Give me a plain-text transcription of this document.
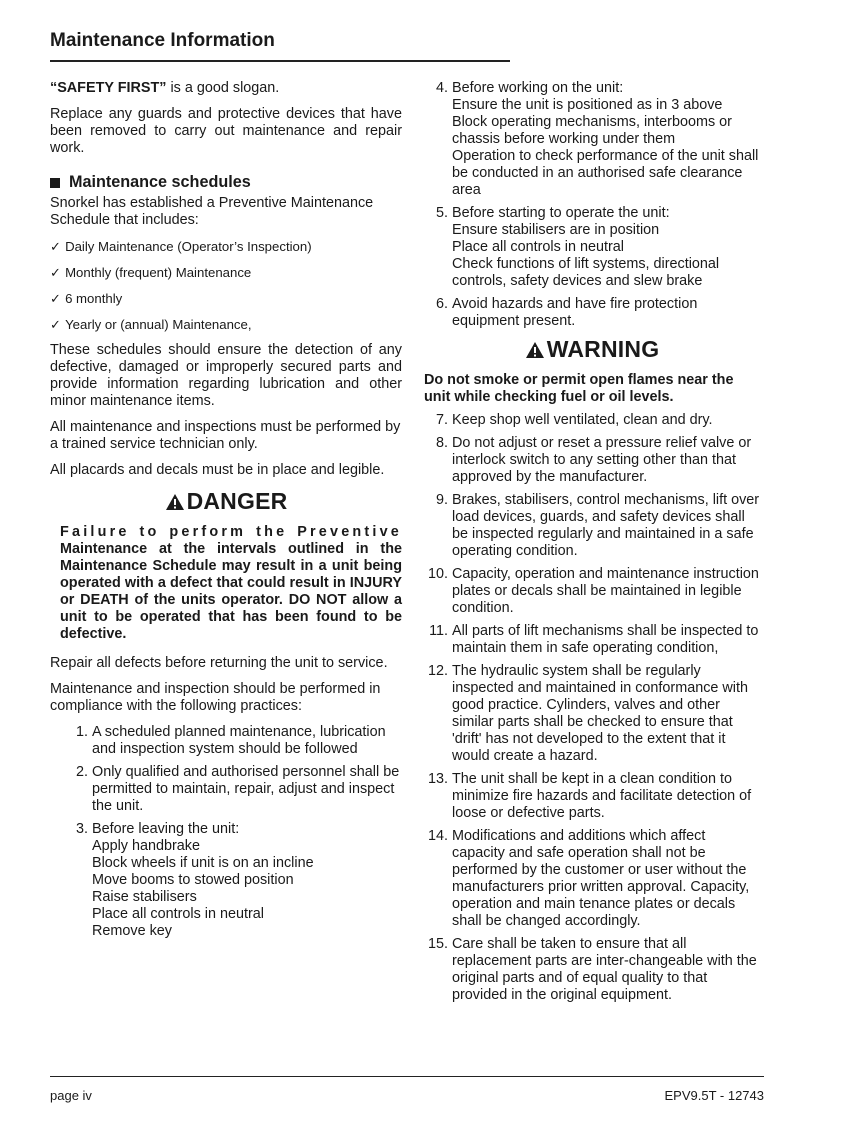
Maintenance Information

“SAFETY FIRST” is a good slogan.

Replace any guards and protective devices that have been removed to carry out maintenance and repair work.

Maintenance schedules

Snorkel has established a Preventive Maintenance Schedule that includes:

✓ Daily Maintenance (Operator’s Inspection)
✓ Monthly (frequent) Maintenance
✓ 6 monthly
✓ Yearly or (annual) Maintenance,

These schedules should ensure the detection of any defective, damaged or improperly secured parts and provide information regarding lubrication and other minor maintenance items.

All maintenance and inspections must be performed by a trained service technician only.

All placards and decals must be in place and legible.

DANGER
Failure to perform the Preventive Maintenance at the intervals outlined in the Maintenance Schedule may result in a unit being operated with a defect that could result in INJURY or DEATH of the units operator. DO NOT allow a unit to be operated that has been found to be defective.

Repair all defects before returning the unit to service.

Maintenance and inspection should be performed in compliance with the following practices:

1. A scheduled planned maintenance, lubrication and inspection system should be followed
2. Only qualified and authorised personnel shall be permitted to maintain, repair, adjust and inspect the unit.
3. Before leaving the unit:
Apply handbrake
Block wheels if unit is on an incline
Move booms to stowed position
Raise stabilisers
Place all controls in neutral
Remove key
4. Before working on the unit:
Ensure the unit is positioned as in 3 above
Block operating mechanisms, interbooms or chassis before working under them
Operation to check performance of the unit shall be conducted in an authorised safe clearance area
5. Before starting to operate the unit:
Ensure stabilisers are in position
Place all controls in neutral
Check functions of lift systems, directional controls, safety devices and slew brake
6. Avoid hazards and have fire protection equipment present.
WARNING
Do not smoke or permit open flames near the unit while checking fuel or oil levels.
7. Keep shop well ventilated, clean and dry.
8. Do not adjust or reset a pressure relief valve or interlock switch to any setting other than that approved by the manufacturer.
9. Brakes, stabilisers, control mechanisms, lift over load devices, guards, and safety devices shall be inspected regularly and maintained in a safe operating condition.
10. Capacity, operation and maintenance instruction plates or decals shall be maintained in legible condition.
11. All parts of lift mechanisms shall be inspected to maintain them in safe operating condition,
12. The hydraulic system shall be regularly inspected and maintained in conformance with good practice. Cylinders, valves and other similar parts shall be checked to ensure that 'drift' has not developed to the extent that it would create a hazard.
13. The unit shall be kept in a clean condition to minimize fire hazards and facilitate detection of loose or defective parts.
14. Modifications and additions which affect capacity and safe operation shall not be performed by the customer or user without the manufacturers prior written approval. Capacity, operation and main tenance plates or decals shall be changed accordingly.
15. Care shall be taken to ensure that all replacement parts are inter-changeable with the original parts and of equal quality to that provided in the original equipment.
page iv	EPV9.5T - 12743
